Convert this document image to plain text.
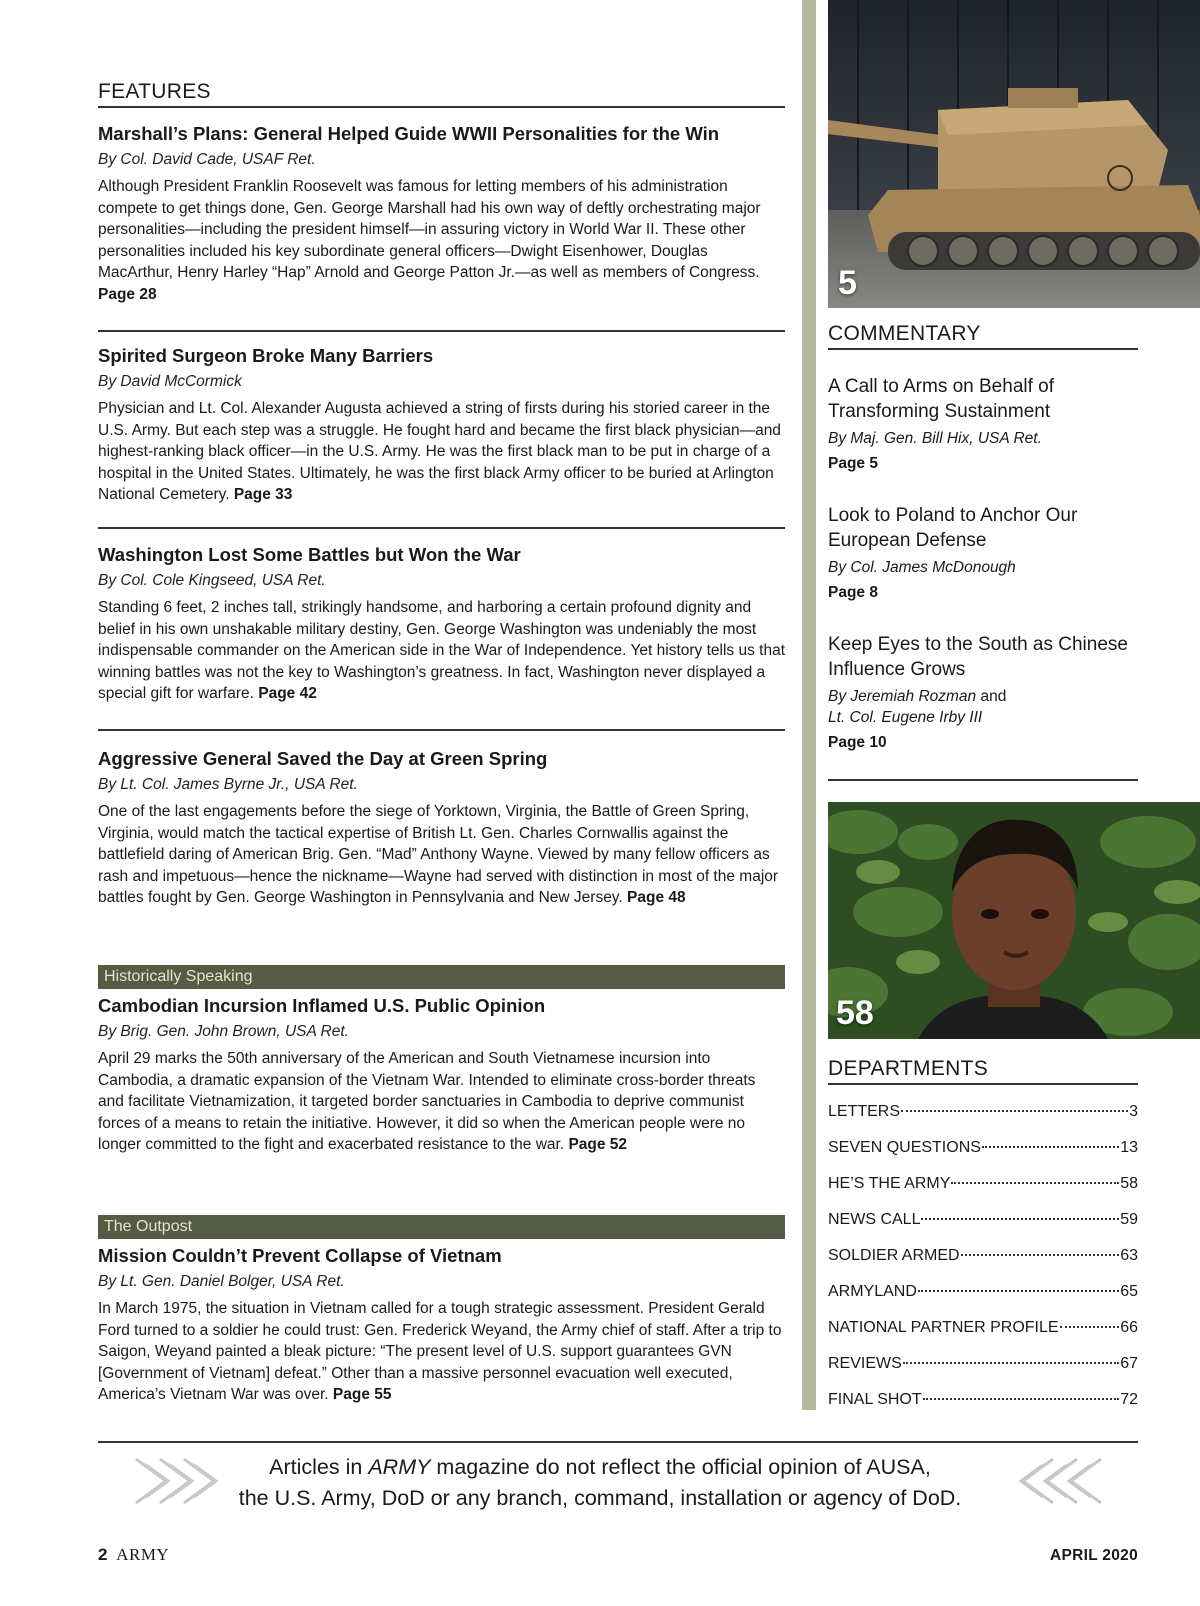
FEATURES
Marshall’s Plans: General Helped Guide WWII Personalities for the Win
By Col. David Cade, USAF Ret.

Although President Franklin Roosevelt was famous for letting members of his administration compete to get things done, Gen. George Marshall had his own way of deftly orchestrating major personalities—including the president himself—in assuring victory in World War II. These other personalities included his key subordinate general officers—Dwight Eisenhower, Douglas MacArthur, Henry Harley “Hap” Arnold and George Patton Jr.—as well as members of Congress. Page 28

Spirited Surgeon Broke Many Barriers
By David McCormick

Physician and Lt. Col. Alexander Augusta achieved a string of firsts during his storied career in the U.S. Army. But each step was a struggle. He fought hard and became the first black physician—and highest-ranking black officer—in the U.S. Army. He was the first black man to be put in charge of a hospital in the United States. Ultimately, he was the first black Army officer to be buried at Arlington National Cemetery. Page 33

Washington Lost Some Battles but Won the War
By Col. Cole Kingseed, USA Ret.

Standing 6 feet, 2 inches tall, strikingly handsome, and harboring a certain profound dignity and belief in his own unshakable military destiny, Gen. George Washington was undeniably the most indispensable commander on the American side in the War of Independence. Yet history tells us that winning battles was not the key to Washington’s greatness. In fact, Washington never displayed a special gift for warfare. Page 42

Aggressive General Saved the Day at Green Spring
By Lt. Col. James Byrne Jr., USA Ret.

One of the last engagements before the siege of Yorktown, Virginia, the Battle of Green Spring, Virginia, would match the tactical expertise of British Lt. Gen. Charles Cornwallis against the battlefield daring of American Brig. Gen. “Mad” Anthony Wayne. Viewed by many fellow officers as rash and impetuous—hence the nickname—Wayne had served with distinction in most of the major battles fought by Gen. George Washington in Pennsylvania and New Jersey. Page 48

Historically Speaking
Cambodian Incursion Inflamed U.S. Public Opinion
By Brig. Gen. John Brown, USA Ret.

April 29 marks the 50th anniversary of the American and South Vietnamese incursion into Cambodia, a dramatic expansion of the Vietnam War. Intended to eliminate cross-border threats and facilitate Vietnamization, it targeted border sanctuaries in Cambodia to deprive communist forces of a means to retain the initiative. However, it did so when the American people were no longer committed to the fight and exacerbated resistance to the war. Page 52

The Outpost
Mission Couldn’t Prevent Collapse of Vietnam
By Lt. Gen. Daniel Bolger, USA Ret.

In March 1975, the situation in Vietnam called for a tough strategic assessment. President Gerald Ford turned to a soldier he could trust: Gen. Frederick Weyand, the Army chief of staff. After a trip to Saigon, Weyand painted a bleak picture: “The present level of U.S. support guarantees GVN [Government of Vietnam] defeat.” Other than a massive personnel evacuation well executed, America’s Vietnam War was over. Page 55

5
COMMENTARY

A Call to Arms on Behalf of Transforming Sustainment

By Maj. Gen. Bill Hix, USA Ret.

Page 5

Look to Poland to Anchor Our European Defense

By Col. James McDonough

Page 8

Keep Eyes to the South as Chinese Influence Grows

By Jeremiah Rozman and
Lt. Col. Eugene Irby III

Page 10

58
DEPARTMENTS
LETTERS	3
SEVEN QUESTIONS	13
HE’S THE ARMY	58
NEWS CALL	59
SOLDIER ARMED	63
ARMYLAND	65
NATIONAL PARTNER PROFILE	66
REVIEWS	67
FINAL SHOT	72
Articles in ARMY magazine do not reflect the official opinion of AUSA,
the U.S. Army, DoD or any branch, command, installation or agency of DoD.
2 ARMY	APRIL 2020
